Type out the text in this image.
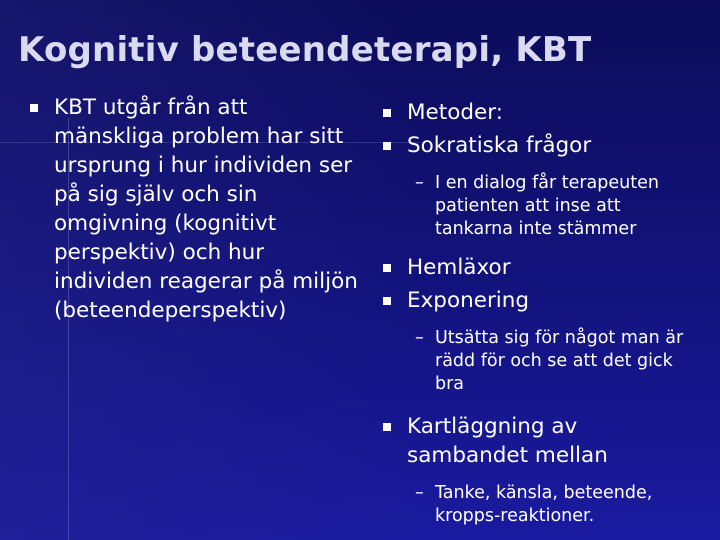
Kognitiv beteendeterapi, KBT
KBT utgår från att mänskliga problem har sitt ursprung i hur individen ser på sig själv och sin omgivning (kognitivt perspektiv) och hur individen reagerar på miljön (beteendeperspektiv)
Metoder:
Sokratiska frågor
– I en dialog får terapeuten patienten att inse att tankarna inte stämmer
Hemläxor
Exponering
– Utsätta sig för något man är rädd för och se att det gick bra
Kartläggning av sambandet mellan
– Tanke, känsla, beteende, kropps-reaktioner.
